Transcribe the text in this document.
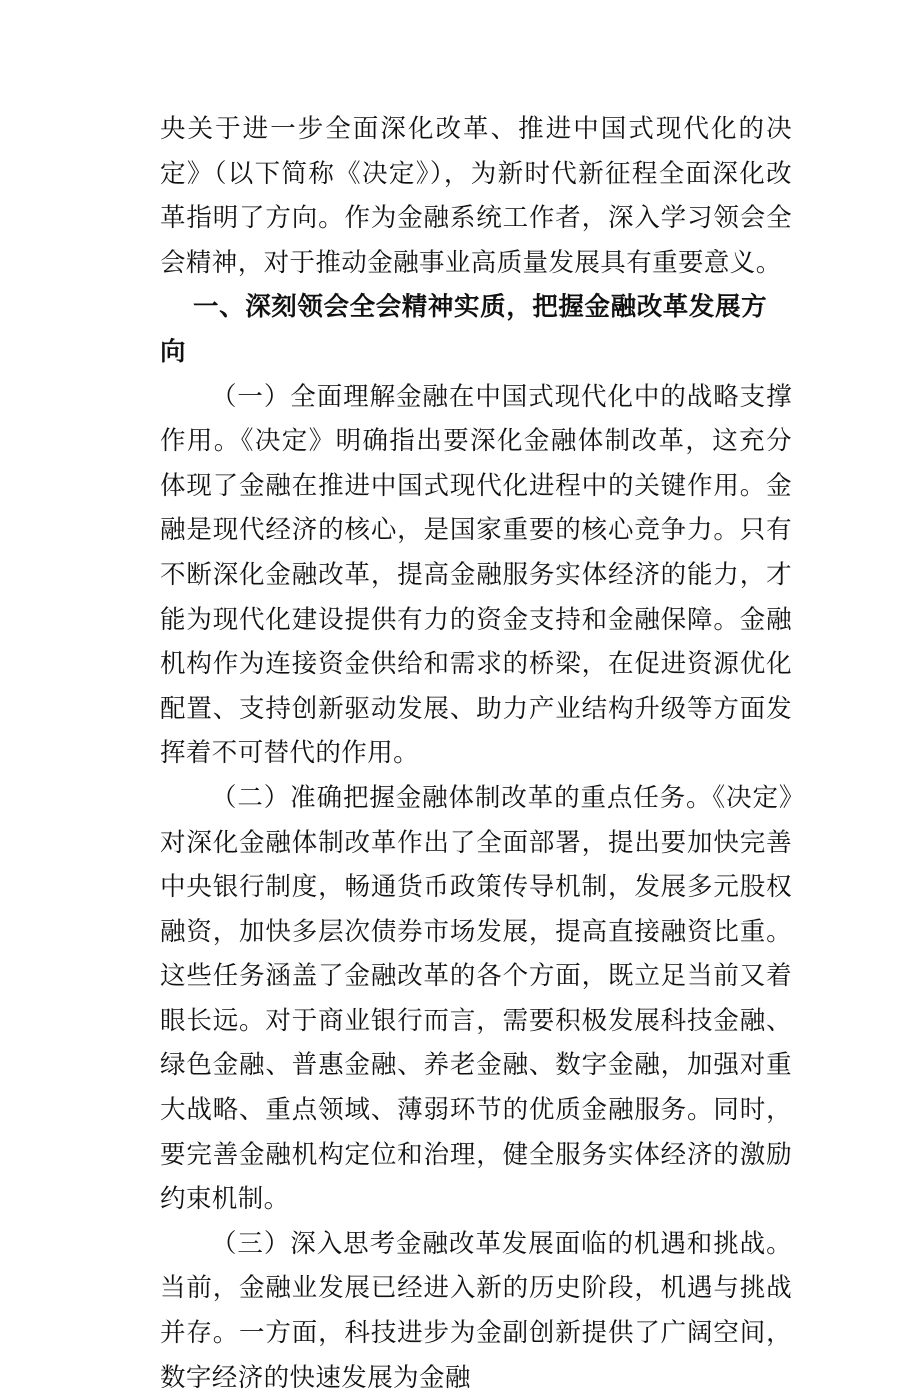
央关于进一步全面深化改革、推进中国式现代化的决定》（以下简称《决定》），为新时代新征程全面深化改革指明了方向。作为金融系统工作者，深入学习领会全会精神，对于推动金融事业高质量发展具有重要意义。

一、深刻领会全会精神实质，把握金融改革发展方向

（一）全面理解金融在中国式现代化中的战略支撑作用。《决定》明确指出要深化金融体制改革，这充分体现了金融在推进中国式现代化进程中的关键作用。金融是现代经济的核心，是国家重要的核心竞争力。只有不断深化金融改革，提高金融服务实体经济的能力，才能为现代化建设提供有力的资金支持和金融保障。金融机构作为连接资金供给和需求的桥梁，在促进资源优化配置、支持创新驱动发展、助力产业结构升级等方面发挥着不可替代的作用。

（二）准确把握金融体制改革的重点任务。《决定》对深化金融体制改革作出了全面部署，提出要加快完善中央银行制度，畅通货币政策传导机制，发展多元股权融资，加快多层次债券市场发展，提高直接融资比重。这些任务涵盖了金融改革的各个方面，既立足当前又着眼长远。对于商业银行而言，需要积极发展科技金融、绿色金融、普惠金融、养老金融、数字金融，加强对重大战略、重点领域、薄弱环节的优质金融服务。同时，要完善金融机构定位和治理，健全服务实体经济的激励约束机制。

（三）深入思考金融改革发展面临的机遇和挑战。当前，金融业发展已经进入新的历史阶段，机遇与挑战并存。一方面，科技进步为金副创新提供了广阔空间，数字经济的快速发展为金融
